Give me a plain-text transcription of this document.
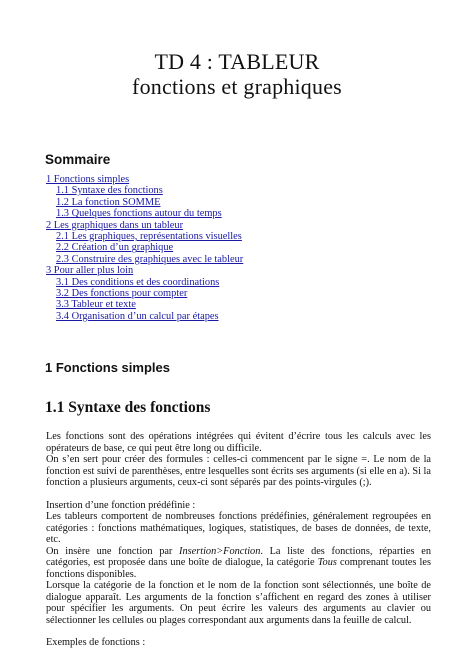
TD 4 : TABLEUR
fonctions et graphiques
Sommaire
1 Fonctions simples
1.1 Syntaxe des fonctions
1.2 La fonction SOMME
1.3 Quelques fonctions autour du temps
2 Les graphiques dans un tableur
2.1 Les graphiques, représentations visuelles
2.2 Création d’un graphique
2.3 Construire des graphiques avec le tableur
3 Pour aller plus loin
3.1 Des conditions et des coordinations
3.2 Des fonctions pour compter
3.3 Tableur et texte
3.4 Organisation d’un calcul par étapes
1 Fonctions simples
1.1 Syntaxe des fonctions

Les fonctions sont des opérations intégrées qui évitent d’écrire tous les calculs avec les opérateurs de base, ce qui peut être long ou difficile.

On s’en sert pour créer des formules : celles-ci commencent par le signe =. Le nom de la fonction est suivi de parenthèses, entre lesquelles sont écrits ses arguments (si elle en a). Si la fonction a plusieurs arguments, ceux-ci sont séparés par des points-virgules (;).

Insertion d’une fonction prédéfinie :

Les tableurs comportent de nombreuses fonctions prédéfinies, généralement regroupées en catégories : fonctions mathématiques, logiques, statistiques, de bases de données, de texte, etc.

On insère une fonction par Insertion>Fonction. La liste des fonctions, réparties en catégories, est proposée dans une boîte de dialogue, la catégorie Tous comprenant toutes les fonctions disponibles.

Lorsque la catégorie de la fonction et le nom de la fonction sont sélectionnés, une boîte de dialogue apparaît. Les arguments de la fonction s’affichent en regard des zones à utiliser pour spécifier les arguments. On peut écrire les valeurs des arguments au clavier ou sélectionner les cellules ou plages correspondant aux arguments dans la feuille de calcul.

Exemples de fonctions :
